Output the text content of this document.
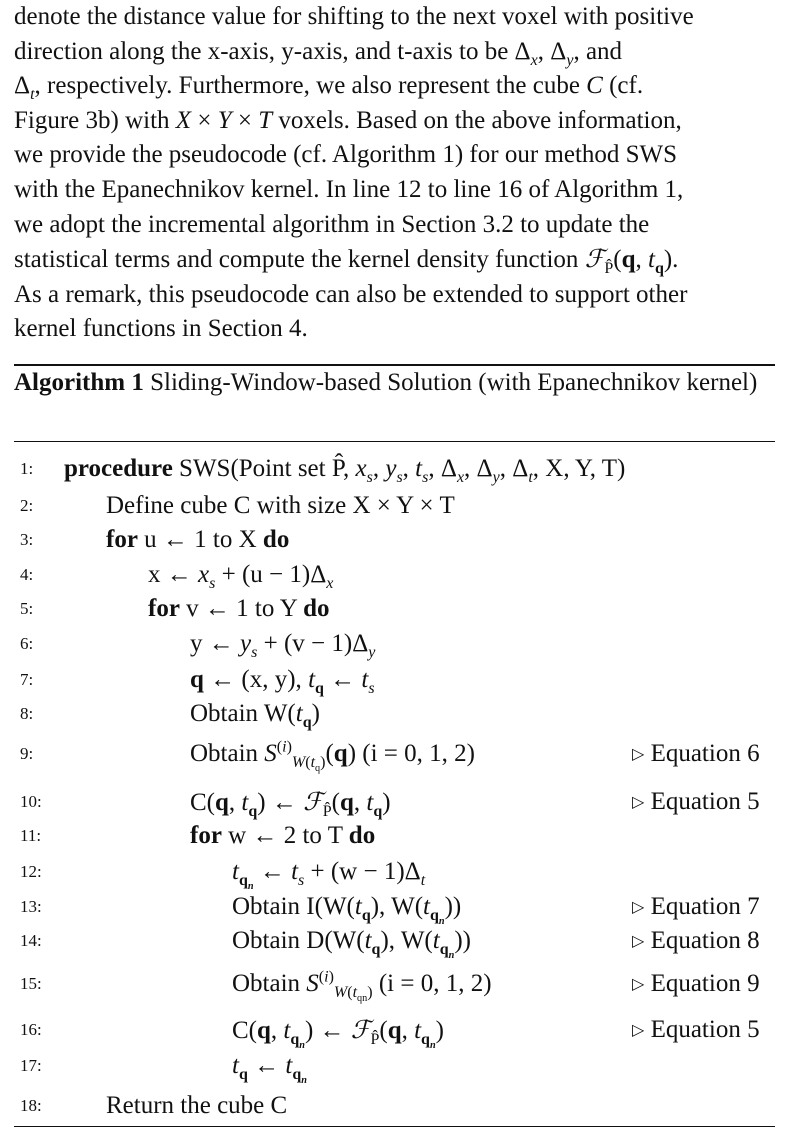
denote the distance value for shifting to the next voxel with positive
direction along the x-axis, y-axis, and t-axis to be $\Delta_x$, $\Delta_y$, and
$\Delta_t$, respectively. Furthermore, we also represent the cube C (cf.
Figure 3b) with X × Y × T voxels. Based on the above information,
we provide the pseudocode (cf. Algorithm 1) for our method SWS
with the Epanechnikov kernel. In line 12 to line 16 of Algorithm 1,
we adopt the incremental algorithm in Section 3.2 to update the
statistical terms and compute the kernel density function ℱ$_{P̂}$(q, $t_q$).
As a remark, this pseudocode can also be extended to support other
kernel functions in Section 4.
Algorithm 1 Sliding-Window-based Solution (with Epanechnikov kernel)
1:	procedure SWS(Point set P̂, $x_s$, $y_s$, $t_s$, $\Delta_x$, $\Delta_y$, $\Delta_t$, X, Y, T)
2:	Define cube C with size X × Y × T
3:	for u ← 1 to X do
4:	x ← $x_s + (u - 1)\Delta_x$
5:	for v ← 1 to Y do
6:	y ← $y_s + (v - 1)\Delta_y$
7:	q ← (x, y), $t_q$ ← $t_s$
8:	Obtain $W(t_q)$
9:	Obtain $S^{(i)}_{W(t_q)}(q) (i = 0$, 1, 2)	▷ Equation 6
10:	C(q, $t_q$) ← ℱ$_{P̂}$(q, $t_q$)	▷ Equation 5
11:	for w ← 2 to T do
12:	$t_{q_n}$ ← $t_s + (w - 1)\Delta_t$
13:	Obtain $I(W(t_q)$, $W(t_{q_n})$)	▷ Equation 7
14:	Obtain $D(W(t_q)$, $W(t_{q_n})$)	▷ Equation 8
15:	Obtain $S^{(i)}_{W(t_{qn})}$ (i = 0, 1, 2)	▷ Equation 9
16:	C(q, $t_{q_n}$) ← ℱ$_{P̂}$(q, $t_{q_n}$)	▷ Equation 5
17:	$t_q$ ← $t_{q_n}$
18:	Return the cube C
